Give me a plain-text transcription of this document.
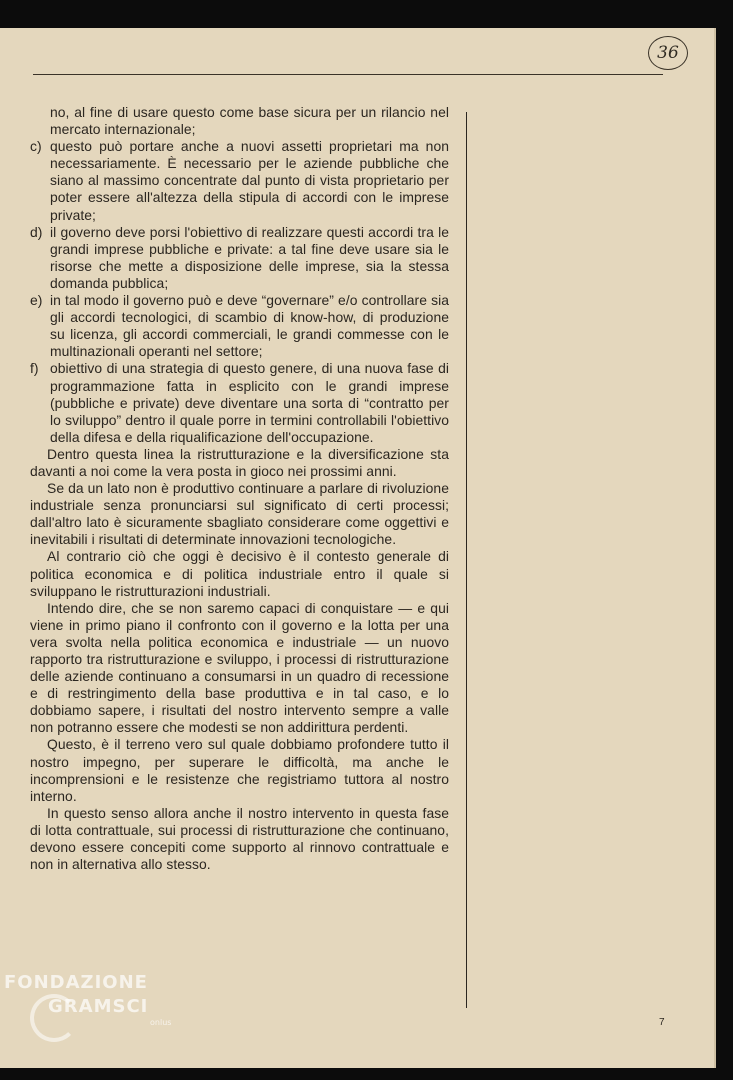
36

no, al fine di usare questo come base sicura per un rilancio nel mercato internazionale;

c) questo può portare anche a nuovi assetti proprietari ma non necessariamente. È necessario per le aziende pubbliche che siano al massimo concentrate dal punto di vista proprietario per poter essere all'altezza della stipula di accordi con le imprese private;

d) il governo deve porsi l'obiettivo di realizzare questi accordi tra le grandi imprese pubbliche e private: a tal fine deve usare sia le risorse che mette a disposizione delle imprese, sia la stessa domanda pubblica;

e) in tal modo il governo può e deve “governare” e/o controllare sia gli accordi tecnologici, di scambio di know-how, di produzione su licenza, gli accordi commerciali, le grandi commesse con le multinazionali operanti nel settore;

f) obiettivo di una strategia di questo genere, di una nuova fase di programmazione fatta in esplicito con le grandi imprese (pubbliche e private) deve diventare una sorta di “contratto per lo sviluppo” dentro il quale porre in termini controllabili l'obiettivo della difesa e della riqualificazione dell'occupazione.

Dentro questa linea la ristrutturazione e la diversificazione sta davanti a noi come la vera posta in gioco nei prossimi anni.

Se da un lato non è produttivo continuare a parlare di rivoluzione industriale senza pronunciarsi sul significato di certi processi; dall'altro lato è sicuramente sbagliato considerare come oggettivi e inevitabili i risultati di determinate innovazioni tecnologiche.

Al contrario ciò che oggi è decisivo è il contesto generale di politica economica e di politica industriale entro il quale si sviluppano le ristrutturazioni industriali.

Intendo dire, che se non saremo capaci di conquistare — e qui viene in primo piano il confronto con il governo e la lotta per una vera svolta nella politica economica e industriale — un nuovo rapporto tra ristrutturazione e sviluppo, i processi di ristrutturazione delle aziende continuano a consumarsi in un quadro di recessione e di restringimento della base produttiva e in tal caso, e lo dobbiamo sapere, i risultati del nostro intervento sempre a valle non potranno essere che modesti se non addirittura perdenti.

Questo, è il terreno vero sul quale dobbiamo profondere tutto il nostro impegno, per superare le difficoltà, ma anche le incomprensioni e le resistenze che registriamo tuttora al nostro interno.

In questo senso allora anche il nostro intervento in questa fase di lotta contrattuale, sui processi di ristrutturazione che continuano, devono essere concepiti come supporto al rinnovo contrattuale e non in alternativa allo stesso.

7
FONDAZIONE
GRAMSCI
onlus
